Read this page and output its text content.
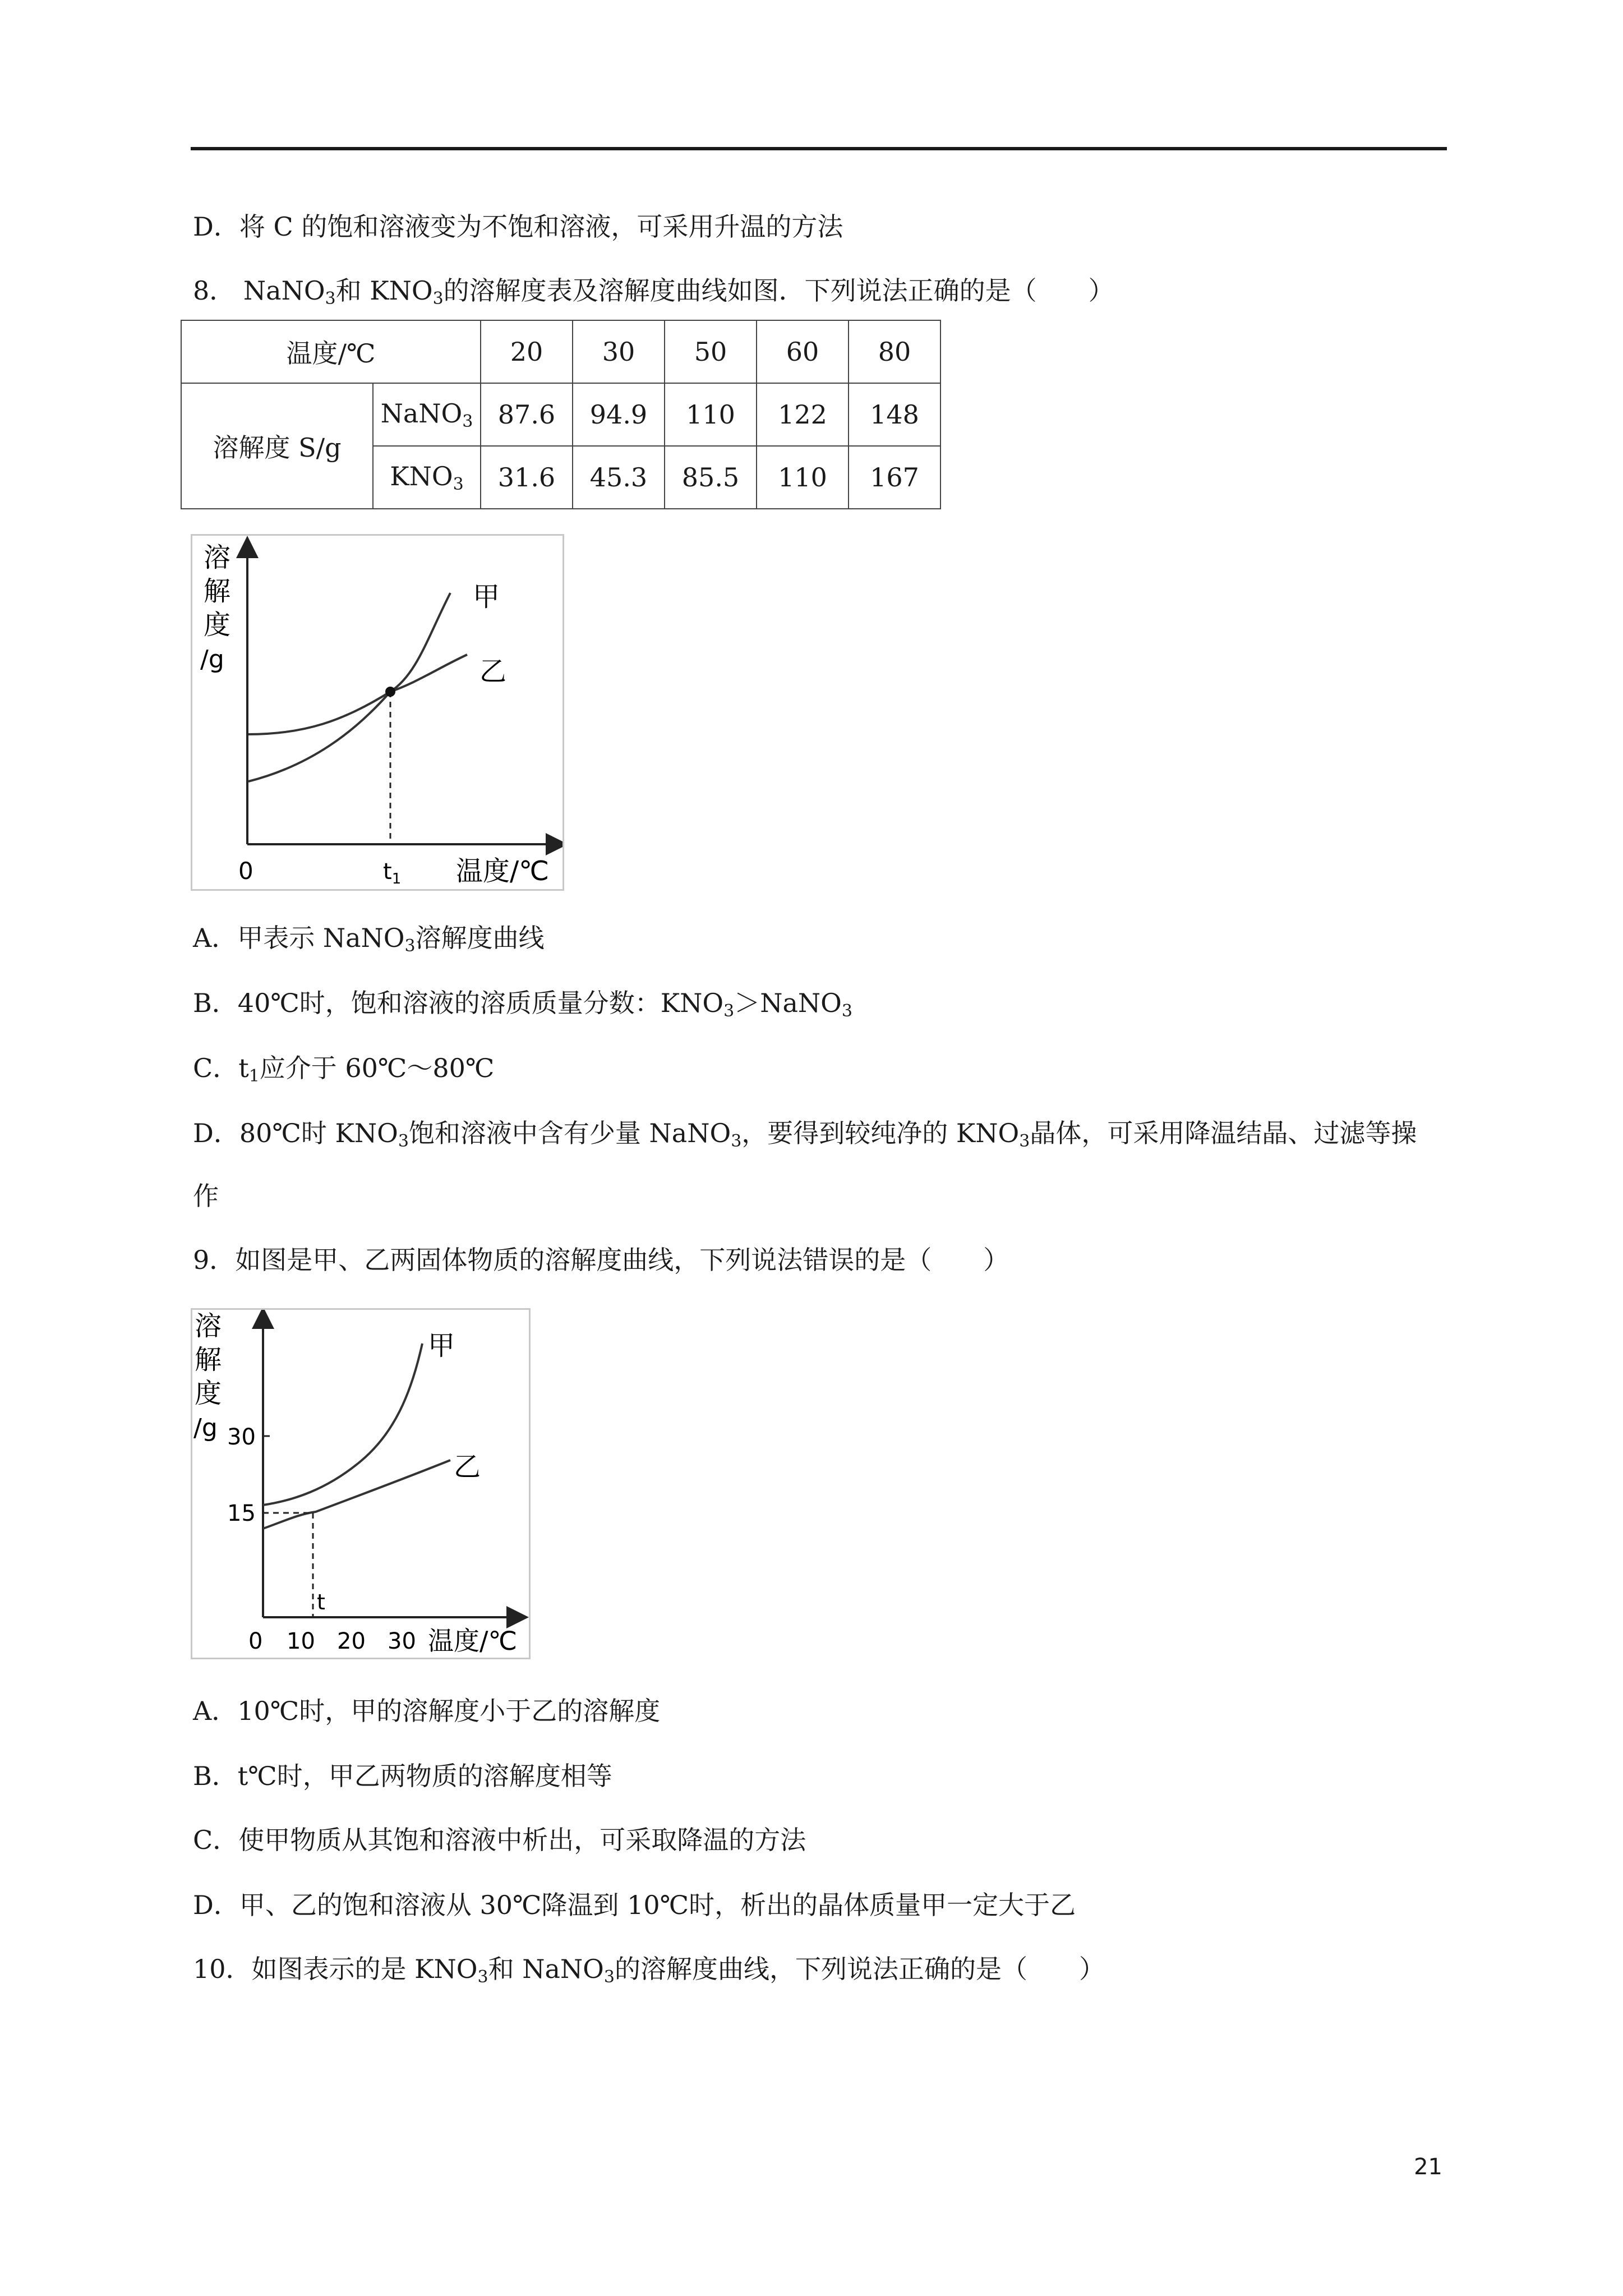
D．将 C 的饱和溶液变为不饱和溶液，可采用升温的方法
8． NaNO$_3$和 $KNO_3$的溶解度表及溶解度曲线如图．下列说法正确的是（　　）
温度/℃		20	30	50	60	80
溶解度 S/g	NaNO$_3$	87.6	94.9	110	122	148
	$KNO_3$	31.6	45.3	85.5	110	167
溶
解
度
/g
甲
乙
0	$t_1$ 温度/℃
A．甲表示 NaNO$_3$溶解度曲线
B．40℃时，饱和溶液的溶质质量分数：$KNO_3>NaNO_3$
C．$t_1$应介于 60℃～80℃
D．80℃时 $KNO_3$饱和溶液中含有少量 NaNO$_3$，要得到较纯净的 $KNO_3$晶体，可采用降温结晶、过滤等操
作
9．如图是甲、乙两固体物质的溶解度曲线，下列说法错误的是（　　）
溶
解
度
/g 30
15
甲
乙
t
0 10 20 30 温度/℃
A．10℃时，甲的溶解度小于乙的溶解度
B．t℃时，甲乙两物质的溶解度相等
C．使甲物质从其饱和溶液中析出，可采取降温的方法
D．甲、乙的饱和溶液从 30℃降温到 10℃时，析出的晶体质量甲一定大于乙
10．如图表示的是 $KNO_3$和 NaNO$_3$的溶解度曲线，下列说法正确的是（　　）
21
